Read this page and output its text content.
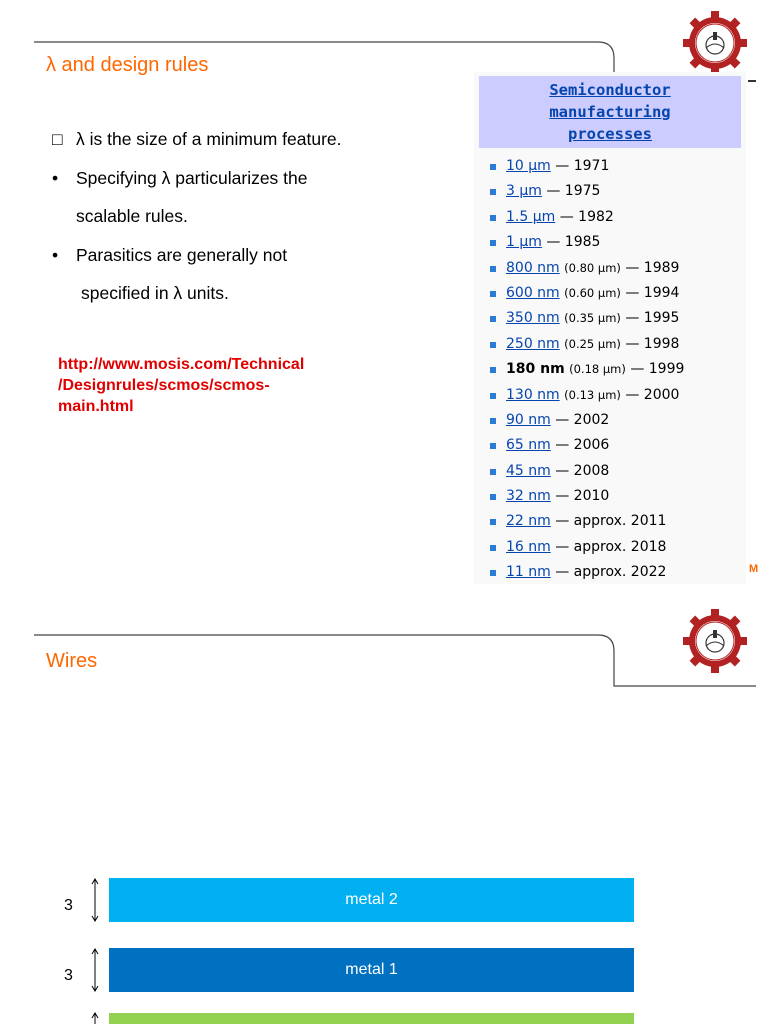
λ and design rules
□ λ is the size of a minimum feature.
• Specifying λ particularizes the
scalable rules.
• Parasitics are generally not
specified in λ units.
http://www.mosis.com/Technical
/Designrules/scmos/scmos-
main.html
Semiconductor
manufacturing
processes
10 µm — 1971
3 µm — 1975
1.5 µm — 1982
1 µm — 1985
800 nm (0.80 µm) — 1989
600 nm (0.60 µm) — 1994
350 nm (0.35 µm) — 1995
250 nm (0.25 µm) — 1998
180 nm (0.18 µm) — 1999
130 nm (0.13 µm) — 2000
90 nm — 2002
65 nm — 2006
45 nm — 2008
32 nm — 2010
22 nm — approx. 2011
16 nm — approx. 2018
11 nm — approx. 2022	M
Wires
3	metal 2
3	metal 1
